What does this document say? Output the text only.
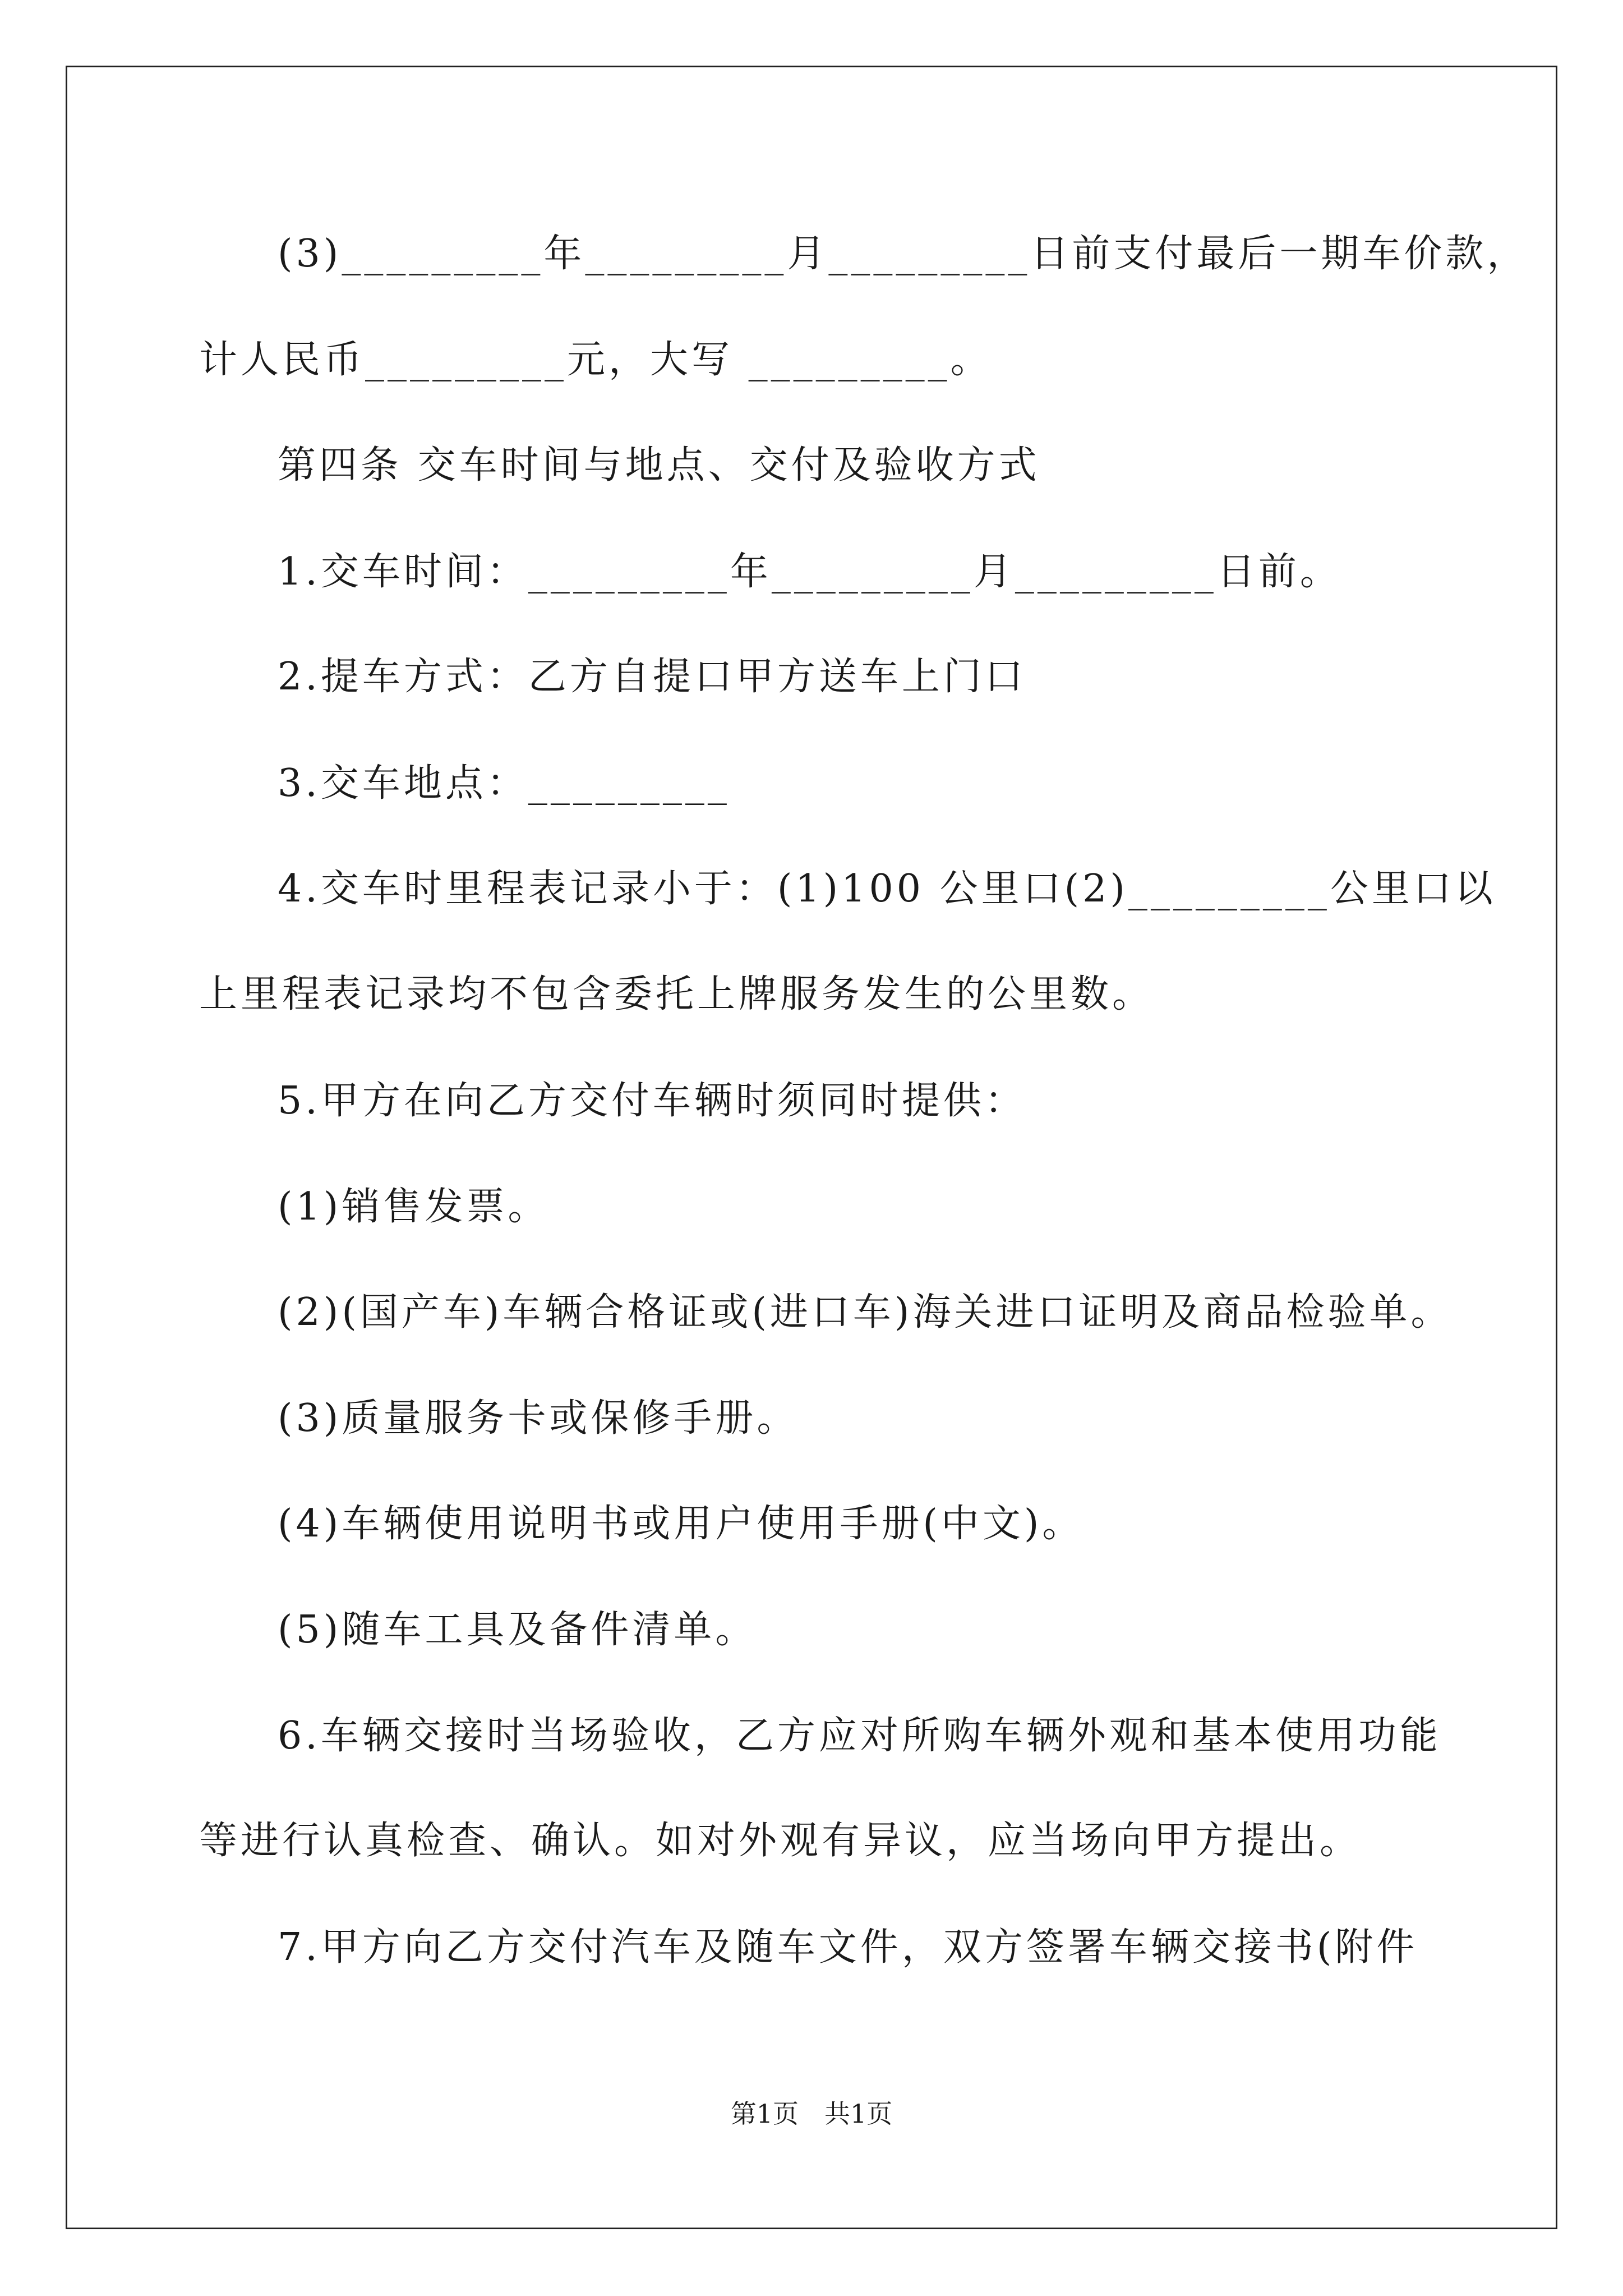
(3)_________年_________月_________日前支付最后一期车价款，
计人民币_________元，大写 _________。
第四条 交车时间与地点、交付及验收方式
1.交车时间：_________年_________月_________日前。
2.提车方式：乙方自提口甲方送车上门口
3.交车地点：_________
4.交车时里程表记录小于：(1)100 公里口(2)_________公里口以
上里程表记录均不包含委托上牌服务发生的公里数。
5.甲方在向乙方交付车辆时须同时提供：
(1)销售发票。
(2)(国产车)车辆合格证或(进口车)海关进口证明及商品检验单。
(3)质量服务卡或保修手册。
(4)车辆使用说明书或用户使用手册(中文)。
(5)随车工具及备件清单。
6.车辆交接时当场验收，乙方应对所购车辆外观和基本使用功能
等进行认真检查、确认。如对外观有异议，应当场向甲方提出。
7.甲方向乙方交付汽车及随车文件，双方签署车辆交接书(附件
第1页　共1页
